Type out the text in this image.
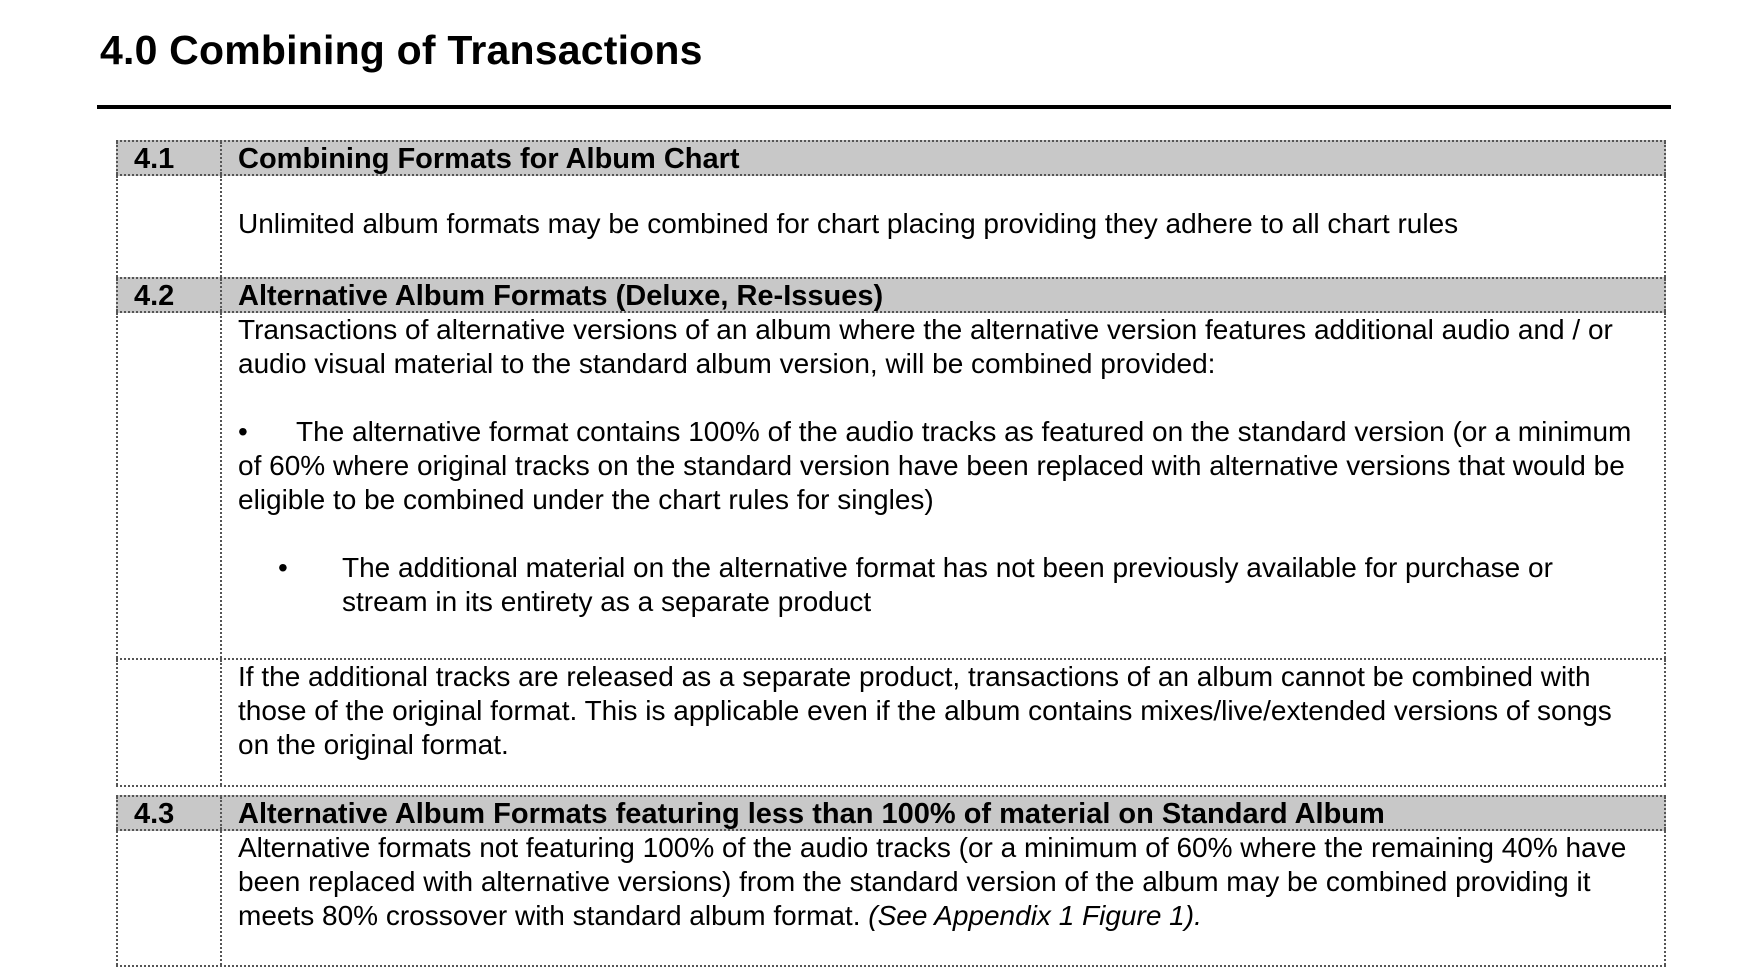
4.0 Combining of Transactions
4.1	Combining Formats for Album Chart

Unlimited album formats may be combined for chart placing providing they adhere to all chart rules

4.2	Alternative Album Formats (Deluxe, Re-Issues)

Transactions of alternative versions of an album where the alternative version features additional audio and / or audio visual material to the standard album version, will be combined provided:

• The alternative format contains 100% of the audio tracks as featured on the standard version (or a minimum of 60% where original tracks on the standard version have been replaced with alternative versions that would be eligible to be combined under the chart rules for singles)

•	The additional material on the alternative format has not been previously available for purchase or stream in its entirety as a separate product

If the additional tracks are released as a separate product, transactions of an album cannot be combined with those of the original format. This is applicable even if the album contains mixes/live/extended versions of songs on the original format.

4.3	Alternative Album Formats featuring less than 100% of material on Standard Album

Alternative formats not featuring 100% of the audio tracks (or a minimum of 60% where the remaining 40% have been replaced with alternative versions) from the standard version of the album may be combined providing it meets 80% crossover with standard album format. (See Appendix 1 Figure 1).
